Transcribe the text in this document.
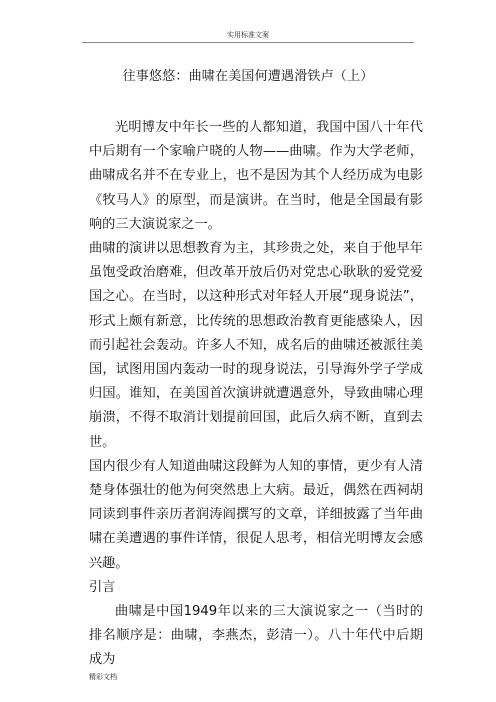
实用标准文案
往事悠悠：曲啸在美国何遭遇滑铁卢（上）

光明博友中年长一些的人都知道，我国中国八十年代中后期有一个家喻户晓的人物——曲啸。作为大学老师，曲啸成名并不在专业上，也不是因为其个人经历成为电影《牧马人》的原型，而是演讲。在当时，他是全国最有影响的三大演说家之一。

曲啸的演讲以思想教育为主，其珍贵之处，来自于他早年虽饱受政治磨难，但改革开放后仍对党忠心耿耿的爱党爱国之心。在当时，以这种形式对年轻人开展“现身说法”，形式上颇有新意，比传统的思想政治教育更能感染人，因而引起社会轰动。许多人不知，成名后的曲啸还被派往美国，试图用国内轰动一时的现身说法，引导海外学子学成归国。谁知，在美国首次演讲就遭遇意外，导致曲啸心理崩溃，不得不取消计划提前回国，此后久病不断，直到去世。

国内很少有人知道曲啸这段鲜为人知的事情，更少有人清楚身体强壮的他为何突然患上大病。最近，偶然在西祠胡同读到事件亲历者润涛阎撰写的文章，详细披露了当年曲啸在美遭遇的事件详情，很促人思考，相信光明博友会感兴趣。

引言

曲啸是中国1949年以来的三大演说家之一（当时的排名顺序是：曲啸，李燕杰，彭清一）。八十年代中后期成为

精彩文档
